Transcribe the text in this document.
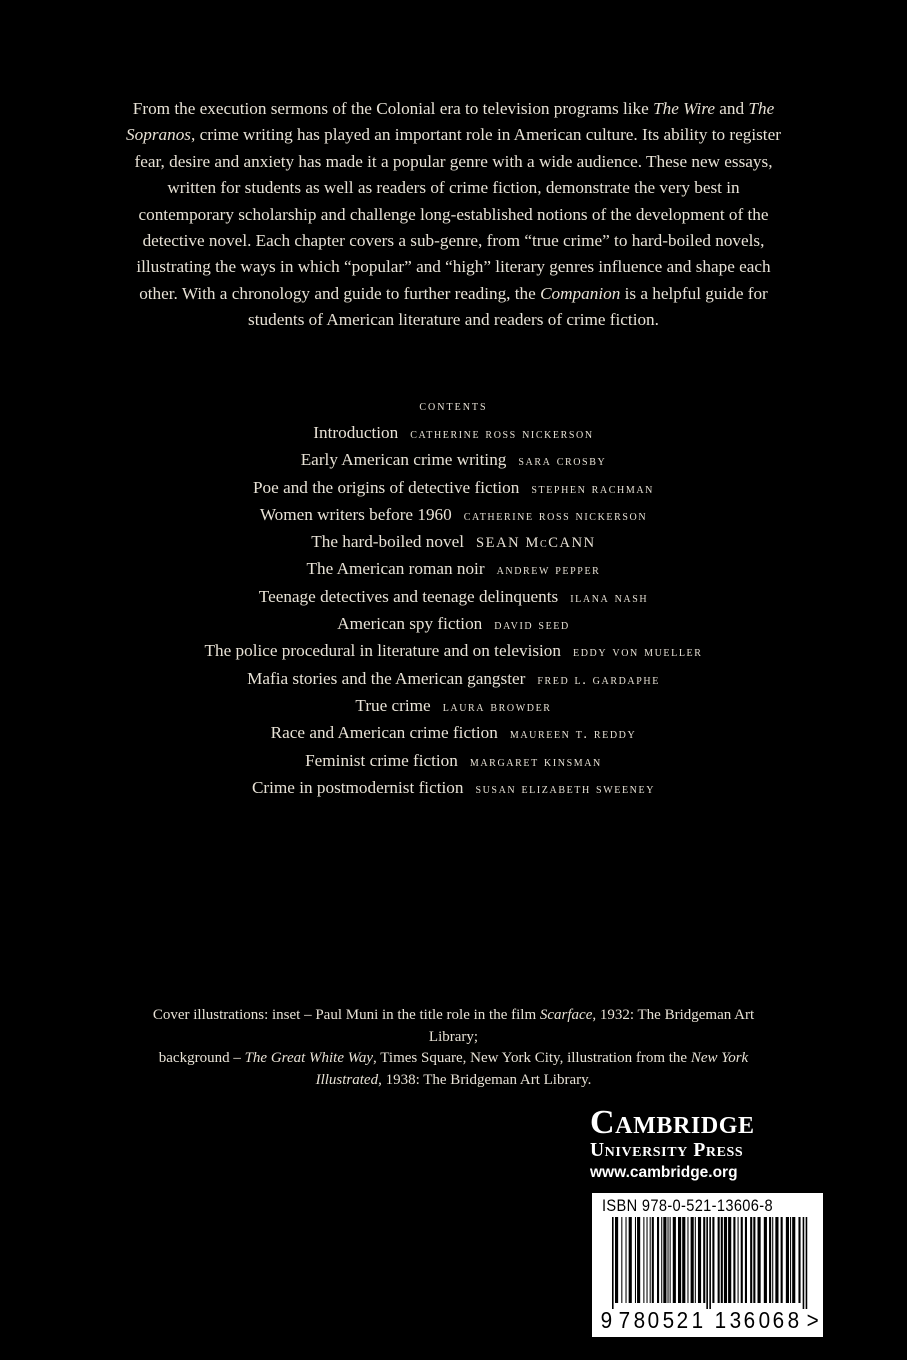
From the execution sermons of the Colonial era to television programs like The Wire and The Sopranos, crime writing has played an important role in American culture. Its ability to register fear, desire and anxiety has made it a popular genre with a wide audience. These new essays, written for students as well as readers of crime fiction, demonstrate the very best in contemporary scholarship and challenge long-established notions of the development of the detective novel. Each chapter covers a sub-genre, from “true crime” to hard-boiled novels, illustrating the ways in which “popular” and “high” literary genres influence and shape each other. With a chronology and guide to further reading, the Companion is a helpful guide for students of American literature and readers of crime fiction.

contents
Introduction catherine ross nickerson
Early American crime writing sara crosby
Poe and the origins of detective fiction stephen rachman
Women writers before 1960 catherine ross nickerson
The hard-boiled novel SEAN McCANN
The American roman noir andrew pepper
Teenage detectives and teenage delinquents ilana nash
American spy fiction david seed
The police procedural in literature and on television eddy von mueller
Mafia stories and the American gangster fred l. gardaphe
True crime laura browder
Race and American crime fiction maureen t. reddy
Feminist crime fiction margaret kinsman
Crime in postmodernist fiction susan elizabeth sweeney

Cover illustrations: inset – Paul Muni in the title role in the film Scarface, 1932: The Bridgeman Art Library;
background – The Great White Way, Times Square, New York City, illustration from the New York Illustrated, 1938: The Bridgeman Art Library.

Cambridge
University Press
www.cambridge.org
ISBN 978-0-521-13606-8
9 7 8 0 5 2 1 1 3 6 0 6 8 >
